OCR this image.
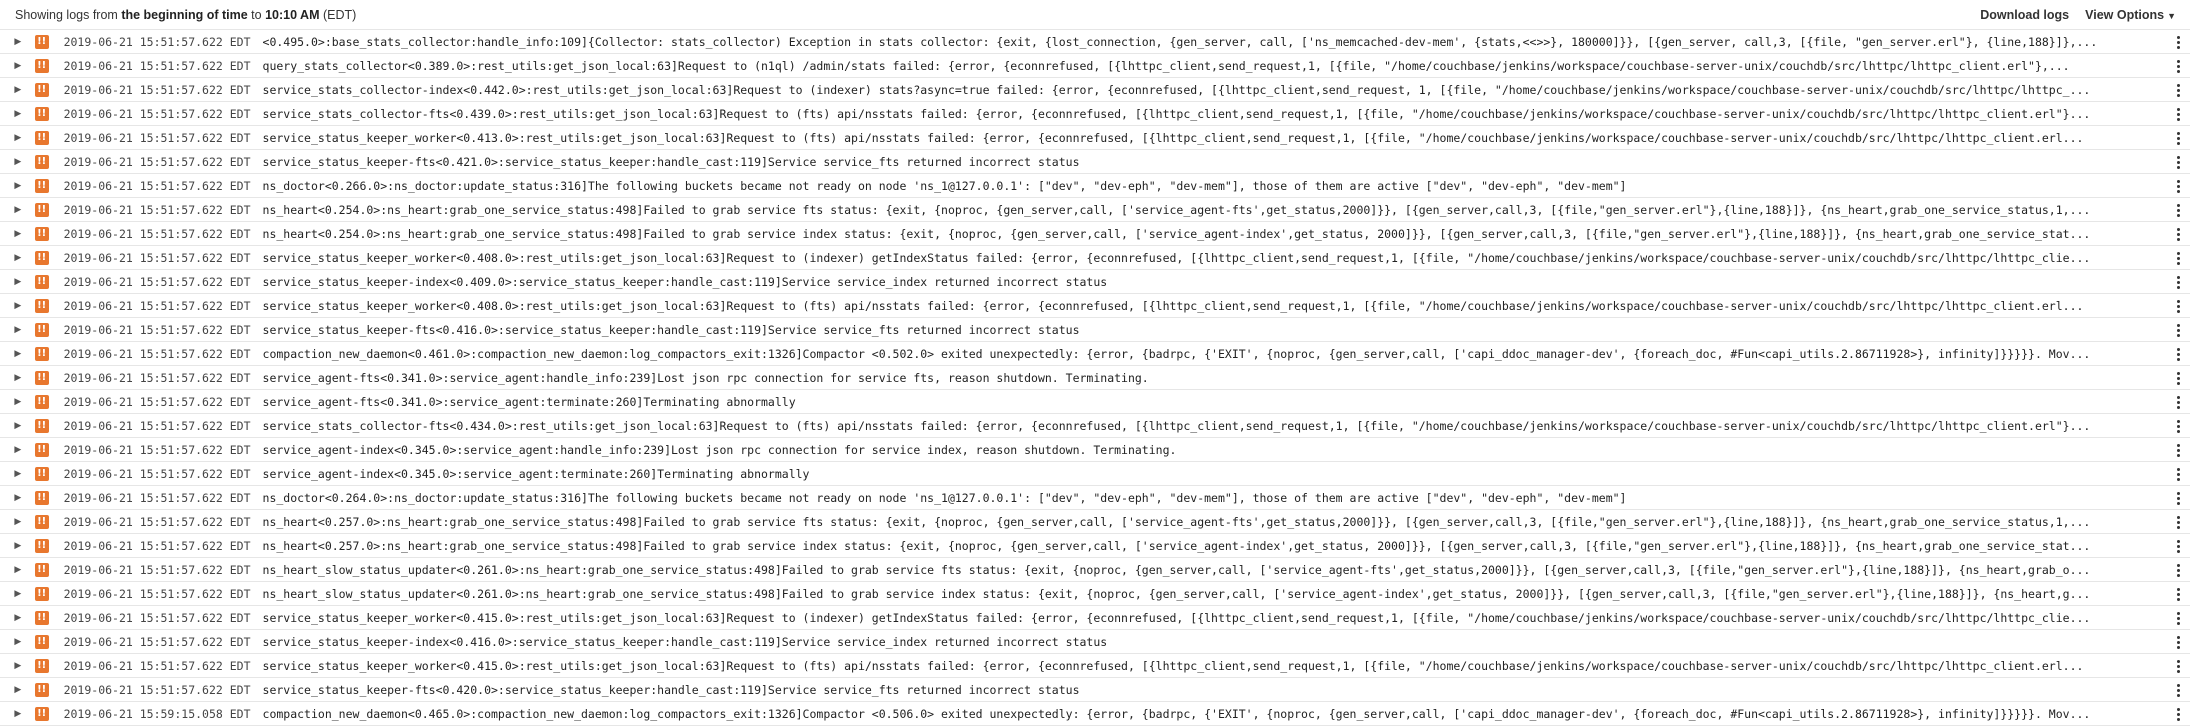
Showing logs from the beginning of time to 10:10 AM (EDT)	Download logs View Options ▼
▶	!! 2019-06-21 15:51:57.622 EDT <0.495.0>:base_stats_collector:handle_info:109]{Collector: stats_collector) Exception in stats collector: {exit, {lost_connection, {gen_server, call, ['ns_memcached-dev-mem', {stats,<<>>}, 180000]}}, [{gen_server, call,3, [{file, "gen_server.erl"}, {line,188}]},...
▶	!! 2019-06-21 15:51:57.622 EDT query_stats_collector<0.389.0>:rest_utils:get_json_local:63]Request to (n1ql) /admin/stats failed: {error, {econnrefused, [{lhttpc_client,send_request,1, [{file, "/home/couchbase/jenkins/workspace/couchbase-server-unix/couchdb/src/lhttpc/lhttpc_client.erl"},...
▶	!! 2019-06-21 15:51:57.622 EDT service_stats_collector-index<0.442.0>:rest_utils:get_json_local:63]Request to (indexer) stats?async=true failed: {error, {econnrefused, [{lhttpc_client,send_request, 1, [{file, "/home/couchbase/jenkins/workspace/couchbase-server-unix/couchdb/src/lhttpc/lhttpc_...
▶	!! 2019-06-21 15:51:57.622 EDT service_stats_collector-fts<0.439.0>:rest_utils:get_json_local:63]Request to (fts) api/nsstats failed: {error, {econnrefused, [{lhttpc_client,send_request,1, [{file, "/home/couchbase/jenkins/workspace/couchbase-server-unix/couchdb/src/lhttpc/lhttpc_client.erl"}...
▶	!! 2019-06-21 15:51:57.622 EDT service_status_keeper_worker<0.413.0>:rest_utils:get_json_local:63]Request to (fts) api/nsstats failed: {error, {econnrefused, [{lhttpc_client,send_request,1, [{file, "/home/couchbase/jenkins/workspace/couchbase-server-unix/couchdb/src/lhttpc/lhttpc_client.erl...
▶	!! 2019-06-21 15:51:57.622 EDT service_status_keeper-fts<0.421.0>:service_status_keeper:handle_cast:119]Service service_fts returned incorrect status
▶	!! 2019-06-21 15:51:57.622 EDT ns_doctor<0.266.0>:ns_doctor:update_status:316]The following buckets became not ready on node 'ns_1@127.0.0.1': ["dev", "dev-eph", "dev-mem"], those of them are active ["dev", "dev-eph", "dev-mem"]
▶	!! 2019-06-21 15:51:57.622 EDT ns_heart<0.254.0>:ns_heart:grab_one_service_status:498]Failed to grab service fts status: {exit, {noproc, {gen_server,call, ['service_agent-fts',get_status,2000]}}, [{gen_server,call,3, [{file,"gen_server.erl"},{line,188}]}, {ns_heart,grab_one_service_status,1,...
▶	!! 2019-06-21 15:51:57.622 EDT ns_heart<0.254.0>:ns_heart:grab_one_service_status:498]Failed to grab service index status: {exit, {noproc, {gen_server,call, ['service_agent-index',get_status, 2000]}}, [{gen_server,call,3, [{file,"gen_server.erl"},{line,188}]}, {ns_heart,grab_one_service_stat...
▶	!! 2019-06-21 15:51:57.622 EDT service_status_keeper_worker<0.408.0>:rest_utils:get_json_local:63]Request to (indexer) getIndexStatus failed: {error, {econnrefused, [{lhttpc_client,send_request,1, [{file, "/home/couchbase/jenkins/workspace/couchbase-server-unix/couchdb/src/lhttpc/lhttpc_clie...
▶	!! 2019-06-21 15:51:57.622 EDT service_status_keeper-index<0.409.0>:service_status_keeper:handle_cast:119]Service service_index returned incorrect status
▶	!! 2019-06-21 15:51:57.622 EDT service_status_keeper_worker<0.408.0>:rest_utils:get_json_local:63]Request to (fts) api/nsstats failed: {error, {econnrefused, [{lhttpc_client,send_request,1, [{file, "/home/couchbase/jenkins/workspace/couchbase-server-unix/couchdb/src/lhttpc/lhttpc_client.erl...
▶	!! 2019-06-21 15:51:57.622 EDT service_status_keeper-fts<0.416.0>:service_status_keeper:handle_cast:119]Service service_fts returned incorrect status
▶	!! 2019-06-21 15:51:57.622 EDT compaction_new_daemon<0.461.0>:compaction_new_daemon:log_compactors_exit:1326]Compactor <0.502.0> exited unexpectedly: {error, {badrpc, {'EXIT', {noproc, {gen_server,call, ['capi_ddoc_manager-dev', {foreach_doc, #Fun<capi_utils.2.86711928>}, infinity]}}}}}. Mov...
▶	!! 2019-06-21 15:51:57.622 EDT service_agent-fts<0.341.0>:service_agent:handle_info:239]Lost json rpc connection for service fts, reason shutdown. Terminating.
▶	!! 2019-06-21 15:51:57.622 EDT service_agent-fts<0.341.0>:service_agent:terminate:260]Terminating abnormally
▶	!! 2019-06-21 15:51:57.622 EDT service_stats_collector-fts<0.434.0>:rest_utils:get_json_local:63]Request to (fts) api/nsstats failed: {error, {econnrefused, [{lhttpc_client,send_request,1, [{file, "/home/couchbase/jenkins/workspace/couchbase-server-unix/couchdb/src/lhttpc/lhttpc_client.erl"}...
▶	!! 2019-06-21 15:51:57.622 EDT service_agent-index<0.345.0>:service_agent:handle_info:239]Lost json rpc connection for service index, reason shutdown. Terminating.
▶	!! 2019-06-21 15:51:57.622 EDT service_agent-index<0.345.0>:service_agent:terminate:260]Terminating abnormally
▶	!! 2019-06-21 15:51:57.622 EDT ns_doctor<0.264.0>:ns_doctor:update_status:316]The following buckets became not ready on node 'ns_1@127.0.0.1': ["dev", "dev-eph", "dev-mem"], those of them are active ["dev", "dev-eph", "dev-mem"]
▶	!! 2019-06-21 15:51:57.622 EDT ns_heart<0.257.0>:ns_heart:grab_one_service_status:498]Failed to grab service fts status: {exit, {noproc, {gen_server,call, ['service_agent-fts',get_status,2000]}}, [{gen_server,call,3, [{file,"gen_server.erl"},{line,188}]}, {ns_heart,grab_one_service_status,1,...
▶	!! 2019-06-21 15:51:57.622 EDT ns_heart<0.257.0>:ns_heart:grab_one_service_status:498]Failed to grab service index status: {exit, {noproc, {gen_server,call, ['service_agent-index',get_status, 2000]}}, [{gen_server,call,3, [{file,"gen_server.erl"},{line,188}]}, {ns_heart,grab_one_service_stat...
▶	!! 2019-06-21 15:51:57.622 EDT ns_heart_slow_status_updater<0.261.0>:ns_heart:grab_one_service_status:498]Failed to grab service fts status: {exit, {noproc, {gen_server,call, ['service_agent-fts',get_status,2000]}}, [{gen_server,call,3, [{file,"gen_server.erl"},{line,188}]}, {ns_heart,grab_o...
▶	!! 2019-06-21 15:51:57.622 EDT ns_heart_slow_status_updater<0.261.0>:ns_heart:grab_one_service_status:498]Failed to grab service index status: {exit, {noproc, {gen_server,call, ['service_agent-index',get_status, 2000]}}, [{gen_server,call,3, [{file,"gen_server.erl"},{line,188}]}, {ns_heart,g...
▶	!! 2019-06-21 15:51:57.622 EDT service_status_keeper_worker<0.415.0>:rest_utils:get_json_local:63]Request to (indexer) getIndexStatus failed: {error, {econnrefused, [{lhttpc_client,send_request,1, [{file, "/home/couchbase/jenkins/workspace/couchbase-server-unix/couchdb/src/lhttpc/lhttpc_clie...
▶	!! 2019-06-21 15:51:57.622 EDT service_status_keeper-index<0.416.0>:service_status_keeper:handle_cast:119]Service service_index returned incorrect status
▶	!! 2019-06-21 15:51:57.622 EDT service_status_keeper_worker<0.415.0>:rest_utils:get_json_local:63]Request to (fts) api/nsstats failed: {error, {econnrefused, [{lhttpc_client,send_request,1, [{file, "/home/couchbase/jenkins/workspace/couchbase-server-unix/couchdb/src/lhttpc/lhttpc_client.erl...
▶	!! 2019-06-21 15:51:57.622 EDT service_status_keeper-fts<0.420.0>:service_status_keeper:handle_cast:119]Service service_fts returned incorrect status
▶	!! 2019-06-21 15:59:15.058 EDT compaction_new_daemon<0.465.0>:compaction_new_daemon:log_compactors_exit:1326]Compactor <0.506.0> exited unexpectedly: {error, {badrpc, {'EXIT', {noproc, {gen_server,call, ['capi_ddoc_manager-dev', {foreach_doc, #Fun<capi_utils.2.86711928>}, infinity]}}}}}. Mov...
